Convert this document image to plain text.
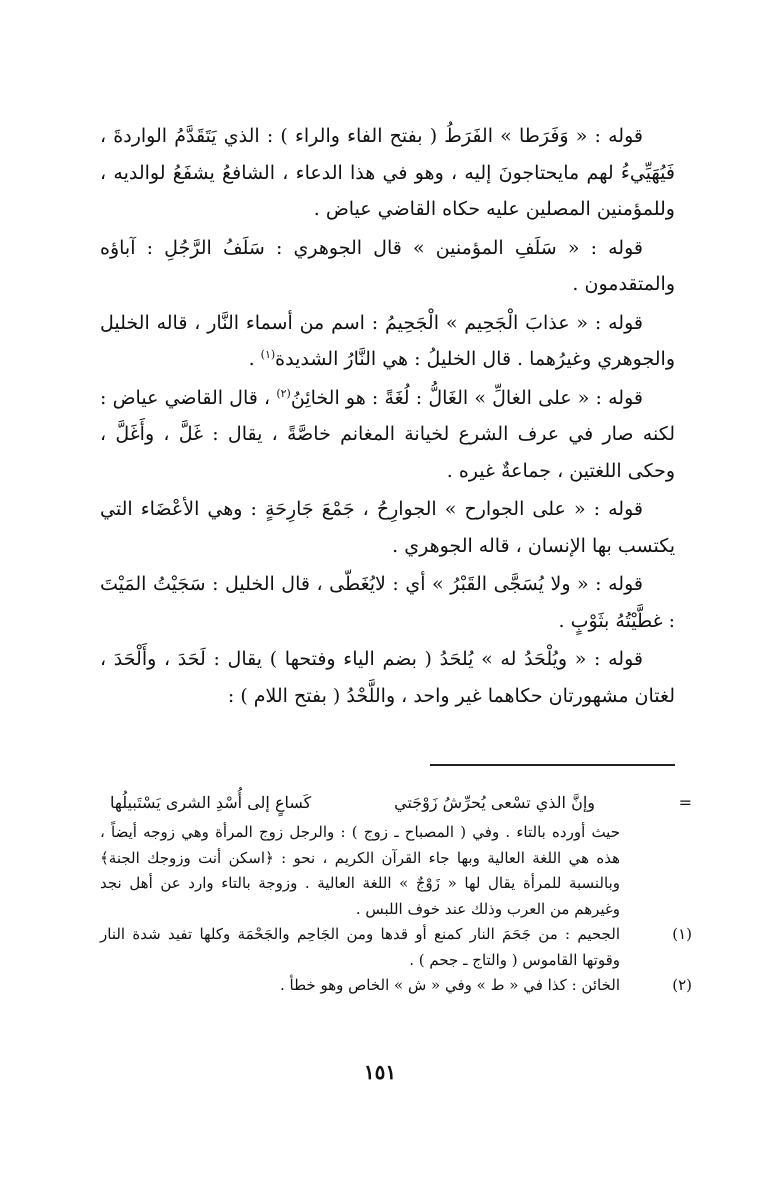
قوله : « وَفَرَطا » الفَرَطُ ( بفتح الفاء والراء ) : الذي يَتَقَدَّمُ الواردةَ ، فَيُهَيِّيءُ لهم مايحتاجونَ إليه ، وهو في هذا الدعاء ، الشافعُ يشفَعُ لوالديه ، وللمؤمنين المصلين عليه حكاه القاضي عياض .

قوله : « سَلَفِ المؤمنين » قال الجوهري : سَلَفُ الرَّجُلِ : آباؤه والمتقدمون .

قوله : « عذابَ الْجَحِيم » الْجَحِيمُ : اسم من أسماء النَّار ، قاله الخليل والجوهري وغيرُهما . قال الخليلُ : هي النَّارُ الشديدة$^{(١)}$ .

قوله : « على الغالِّ » الغَالُّ : لُغَةً : هو الخائِنُ$^{(٢)}$ ، قال القاضي عياض : لكنه صار في عرف الشرع لخيانة المغانم خاصَّةً ، يقال : غَلَّ ، وأَغَلَّ ، وحكى اللغتين ، جماعةٌ غيره .

قوله : « على الجوارح » الجوارِحُ ، جَمْعَ جَارِحَةٍ : وهي الأعْضَاء التي يكتسب بها الإنسان ، قاله الجوهري .

قوله : « ولا يُسَجَّى القَبْرُ » أي : لايُغَطّى ، قال الخليل : سَجَيْتُ المَيْتَ : غطَّيْتُهُ بثَوْبٍ .

قوله : « ويُلْحَدُ له » يُلحَدُ ( بضم الياء وفتحها ) يقال : لَحَدَ ، وأَلْحَدَ ، لغتان مشهورتان حكاهما غير واحد ، واللَّحْدُ ( بفتح اللام ) :

=
وإنَّ الذي تسْعى يُحرِّشُ زَوْجَتي
كَساعٍ إلى أُسْدِ الشرى يَسْتَبيلُها
حيث أورده بالتاء . وفي ( المصباح ـ زوج ) : والرجل زوج المرأة وهي زوجه أيضاً ، هذه هي اللغة العالية وبها جاء القرآن الكريم ، نحو : ﴿اسكن أنت وزوجك الجنة﴾ وبالنسبة للمرأة يقال لها « زَوْجٌ » اللغة العالية . وزوجة بالتاء وارد عن أهل نجد وغيرهم من العرب وذلك عند خوف اللبس .
(١)
الجحيم : من جَحَمَ النار كمنع أو قدها ومن الجَاحِم والجَحْمَة وكلها تفيد شدة النار وقوتها القاموس ( والتاج ـ جحم ) .
(٢)
الخائن : كذا في « ط » وفي « ش » الخاص وهو خطأ .
١٥١
